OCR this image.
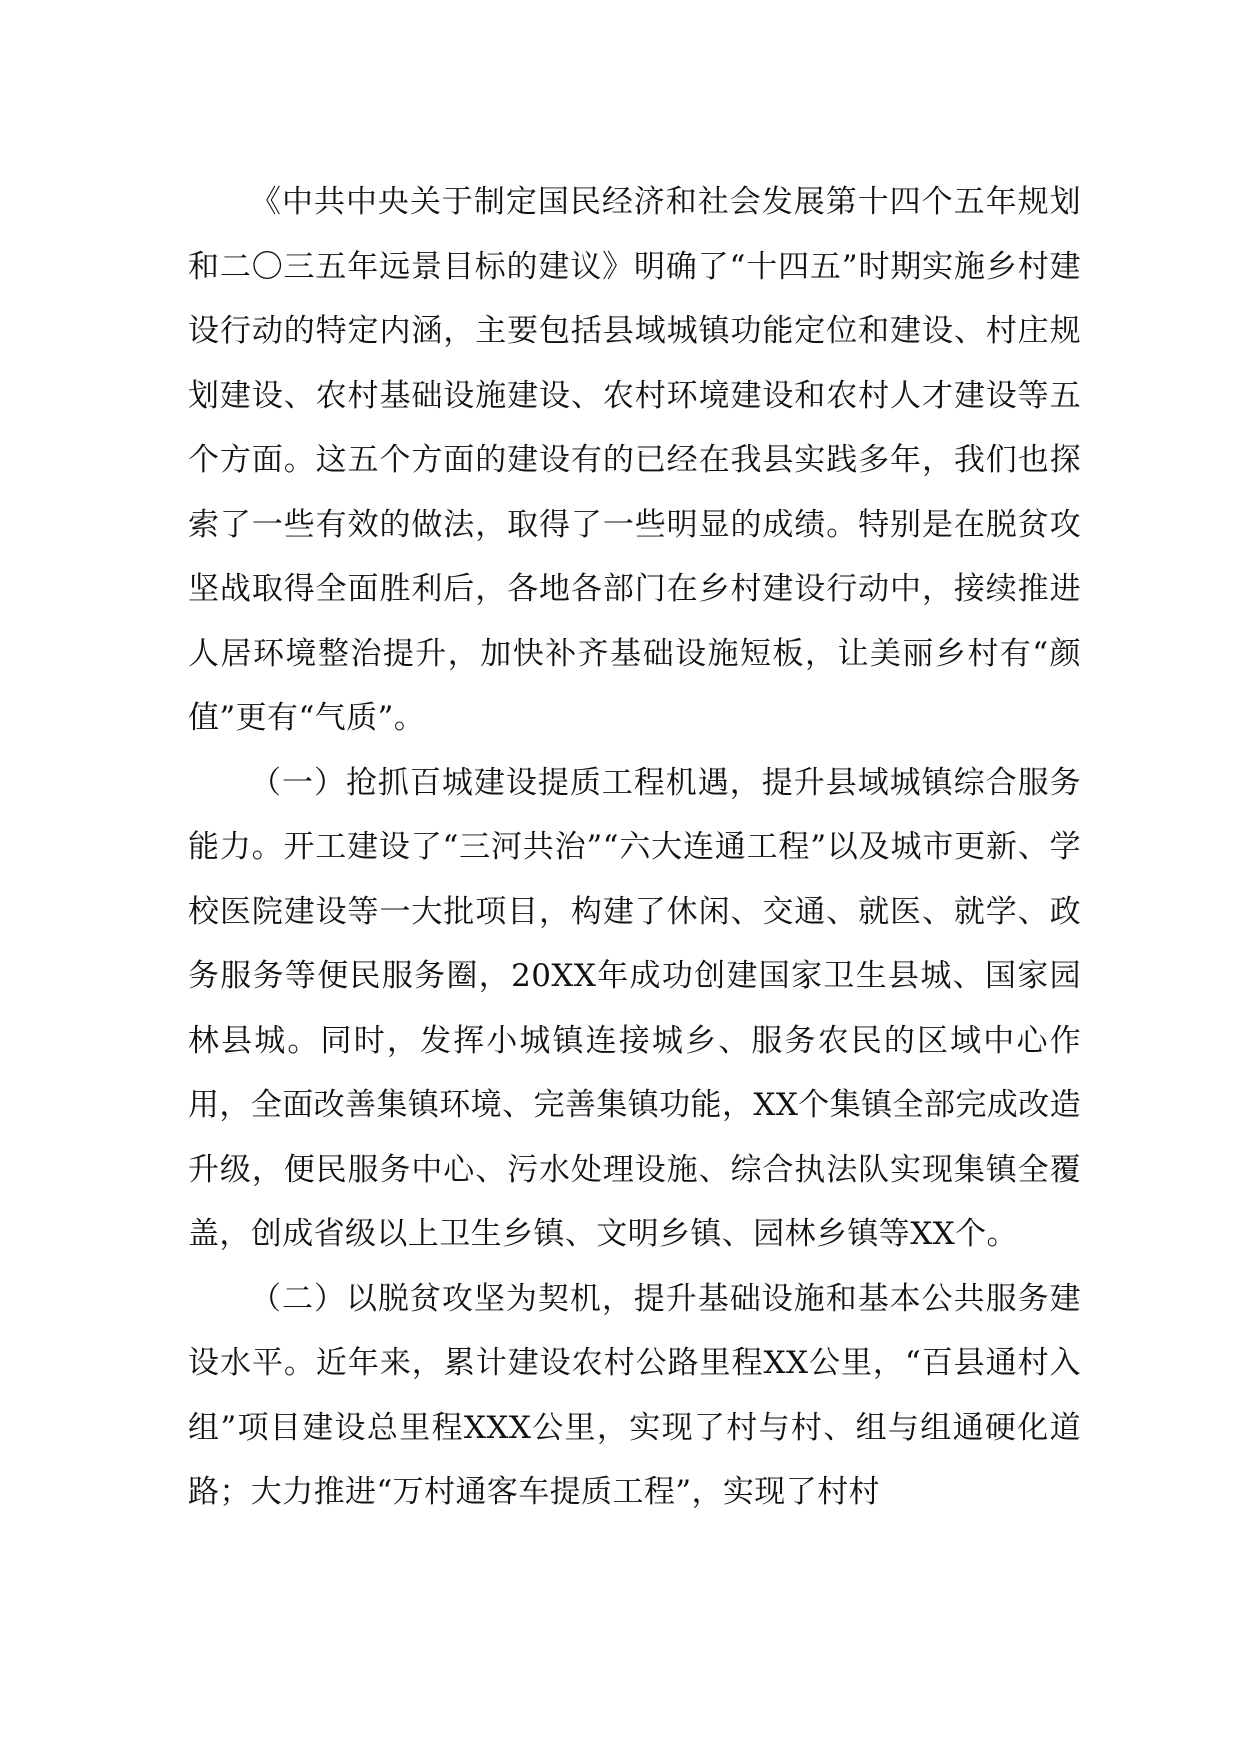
《中共中央关于制定国民经济和社会发展第十四个五年规划和二〇三五年远景目标的建议》明确了“十四五”时期实施乡村建设行动的特定内涵，主要包括县域城镇功能定位和建设、村庄规划建设、农村基础设施建设、农村环境建设和农村人才建设等五个方面。这五个方面的建设有的已经在我县实践多年，我们也探索了一些有效的做法，取得了一些明显的成绩。特别是在脱贫攻坚战取得全面胜利后，各地各部门在乡村建设行动中，接续推进人居环境整治提升，加快补齐基础设施短板，让美丽乡村有“颜值”更有“气质”。

（一）抢抓百城建设提质工程机遇，提升县域城镇综合服务能力。开工建设了“三河共治”“六大连通工程”以及城市更新、学校医院建设等一大批项目，构建了休闲、交通、就医、就学、政务服务等便民服务圈，20XX年成功创建国家卫生县城、国家园林县城。同时，发挥小城镇连接城乡、服务农民的区域中心作用，全面改善集镇环境、完善集镇功能，XX个集镇全部完成改造升级，便民服务中心、污水处理设施、综合执法队实现集镇全覆盖，创成省级以上卫生乡镇、文明乡镇、园林乡镇等XX个。

（二）以脱贫攻坚为契机，提升基础设施和基本公共服务建设水平。近年来，累计建设农村公路里程XX公里，“百县通村入组”项目建设总里程XXX公里，实现了村与村、组与组通硬化道路；大力推进“万村通客车提质工程”，实现了村村
